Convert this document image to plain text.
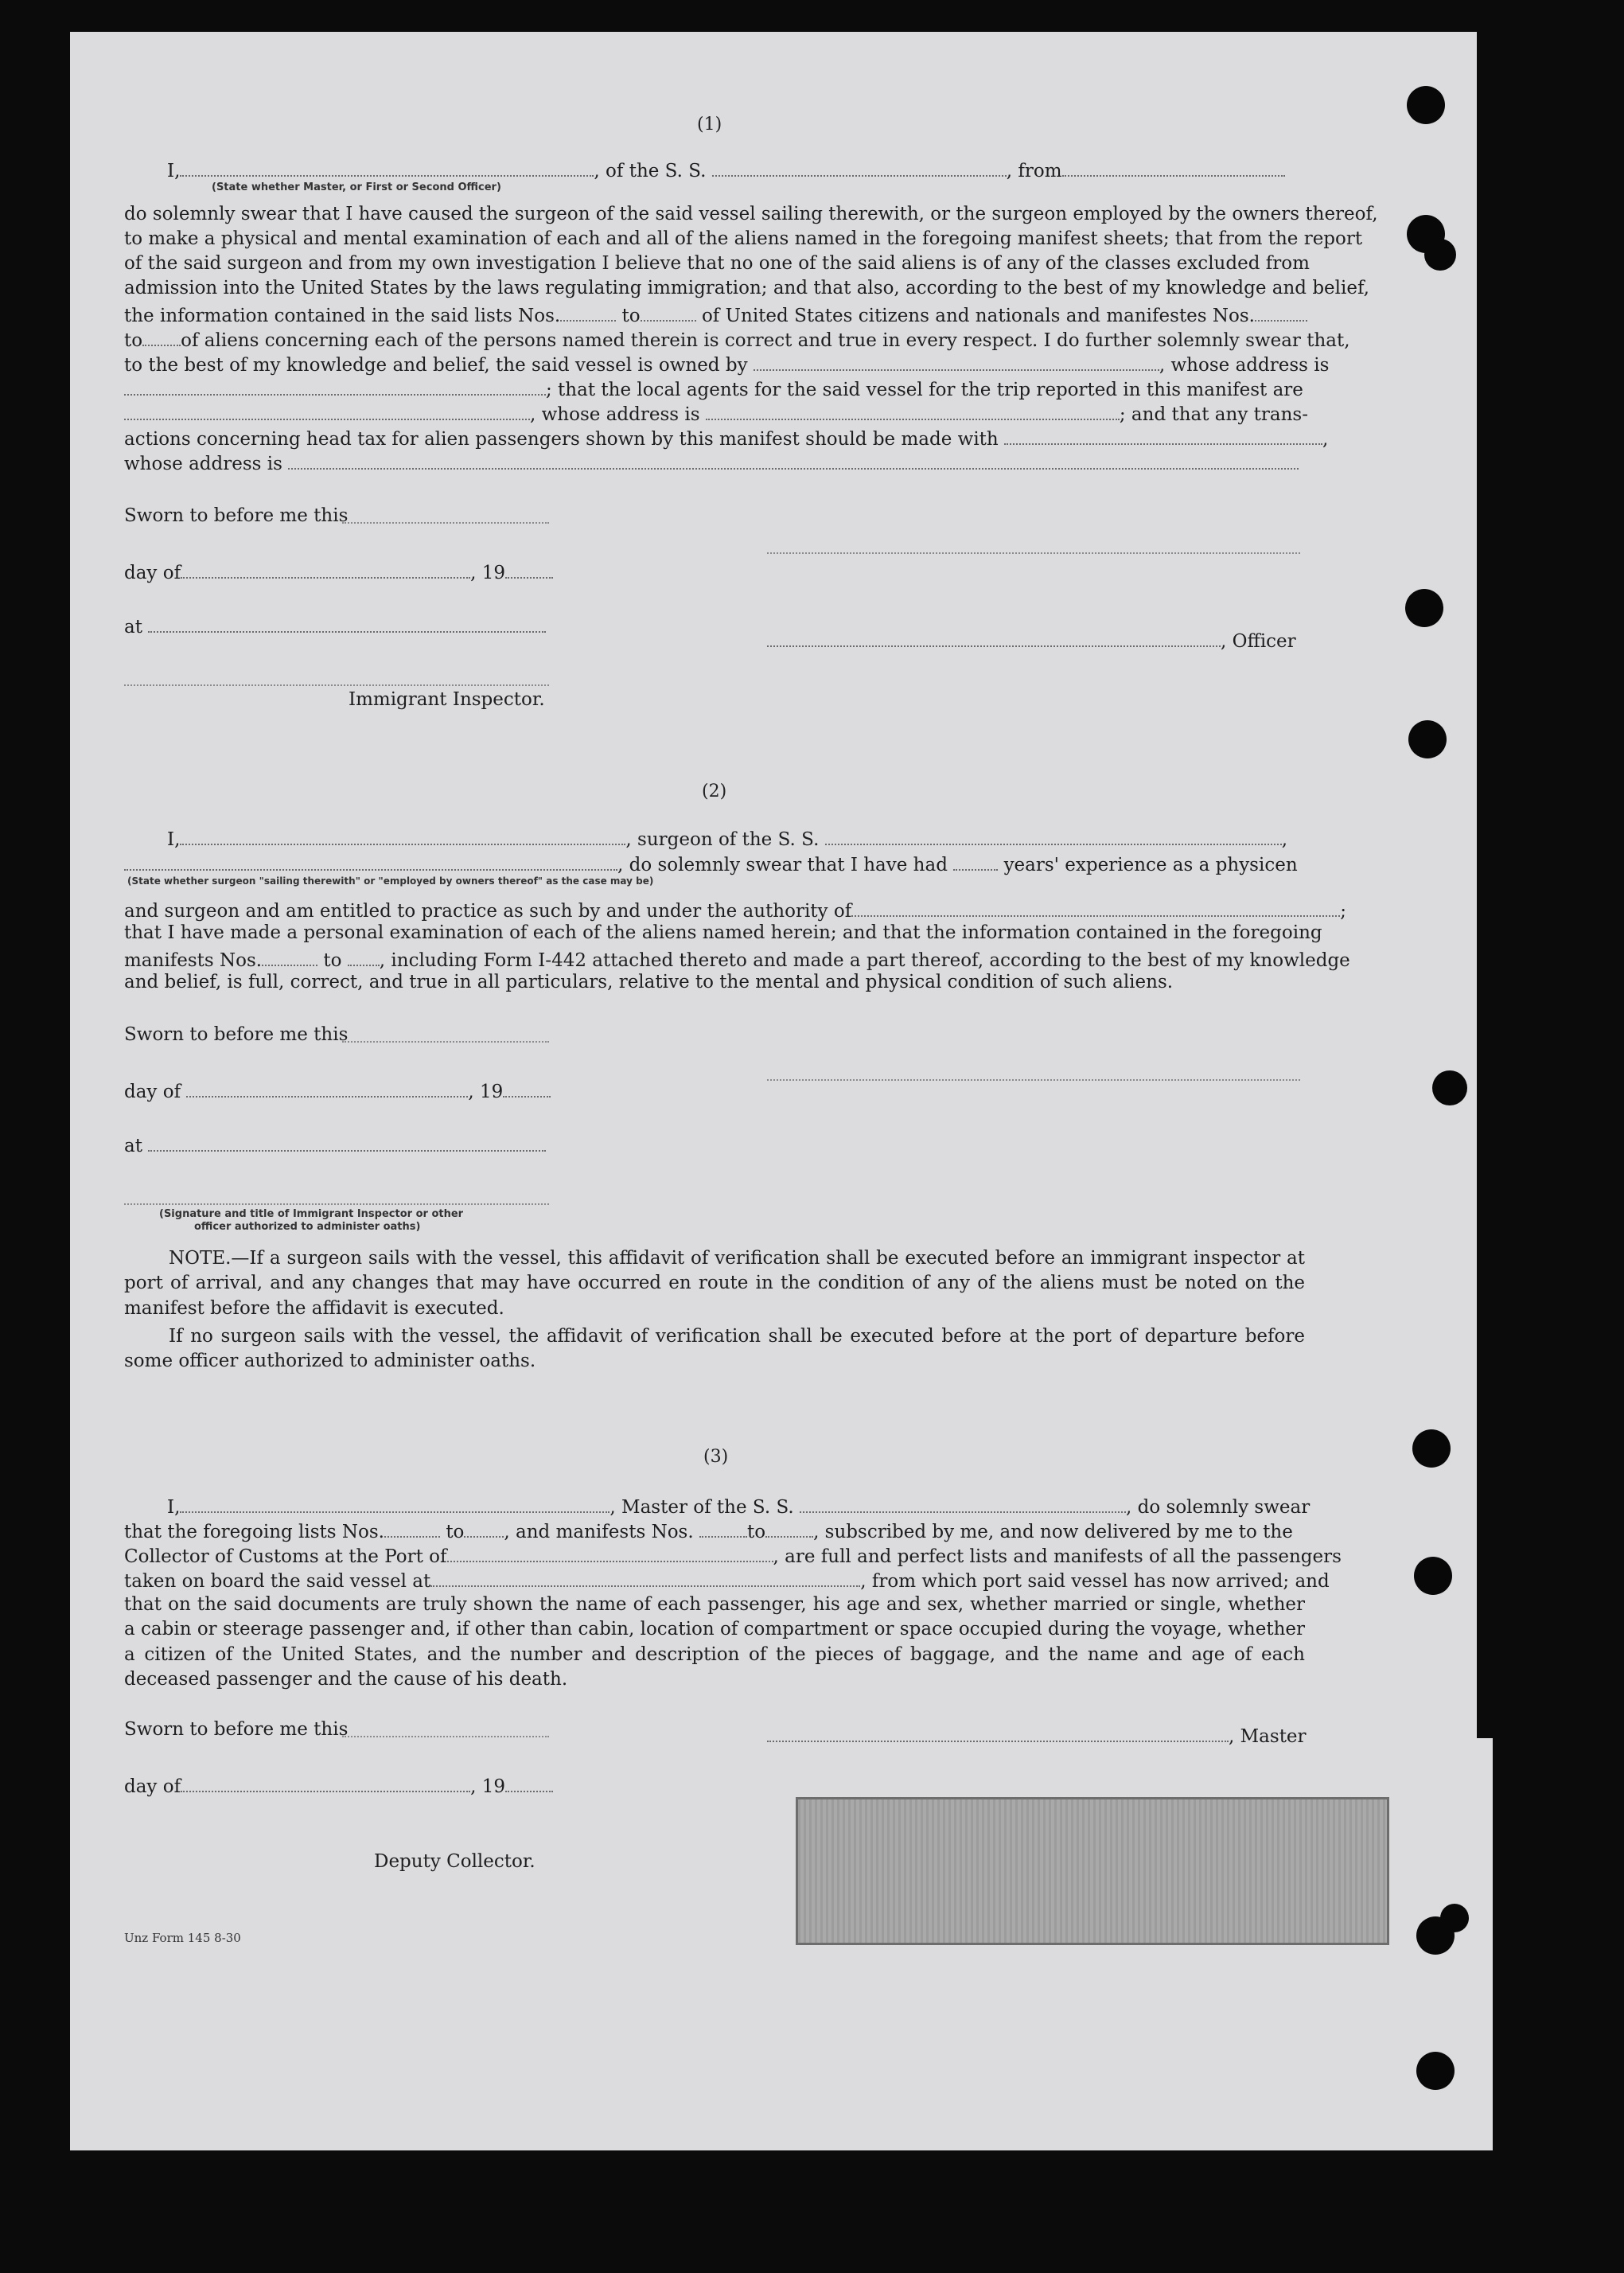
(1)
I,	, of the S. S.	, from
(State whether Master, or First or Second Officer)
do solemnly swear that I have caused the surgeon of the said vessel sailing therewith, or the surgeon employed by the owners thereof,
to make a physical and mental examination of each and all of the aliens named in the foregoing manifest sheets; that from the report
of the said surgeon and from my own investigation I believe that no one of the said aliens is of any of the classes excluded from
admission into the United States by the laws regulating immigration; and that also, according to the best of my knowledge and belief,
the information contained in the said lists Nos.	to	of United States citizens and nationals and manifestes Nos.
to of aliens concerning each of the persons named therein is correct and true in every respect. I do further solemnly swear that,
to the best of my knowledge and belief, the said vessel is owned by	, whose address is
; that the local agents for the said vessel for the trip reported in this manifest are
, whose address is	; and that any trans-
actions concerning head tax for alien passengers shown by this manifest should be made with	,
whose address is
Sworn to before me this
day of	, 19
at
, Officer
Immigrant Inspector.
(2)
I,	, surgeon of the S. S.	,
, do solemnly swear that I have had	years' experience as a physicen
(State whether surgeon "sailing therewith" or "employed by owners thereof" as the case may be)
and surgeon and am entitled to practice as such by and under the authority of	;
that I have made a personal examination of each of the aliens named herein; and that the information contained in the foregoing
manifests Nos.	to , including Form I-442 attached thereto and made a part thereof, according to the best of my knowledge
and belief, is full, correct, and true in all particulars, relative to the mental and physical condition of such aliens.
Sworn to before me this
day of	, 19
at
(Signature and title of Immigrant Inspector or other
officer authorized to administer oaths)
NOTE.—If a surgeon sails with the vessel, this affidavit of verification shall be executed before an immigrant inspector at port of arrival, and any changes that may have occurred en route in the condition of any of the aliens must be noted on the manifest before the affidavit is executed.
If no surgeon sails with the vessel, the affidavit of verification shall be executed before at the port of departure before some officer authorized to administer oaths.
(3)
I,	, Master of the S. S.	, do solemnly swear
that the foregoing lists Nos.	to , and manifests Nos.	to	, subscribed by me, and now delivered by me to the
Collector of Customs at the Port of	, are full and perfect lists and manifests of all the passengers
taken on board the said vessel at	, from which port said vessel has now arrived; and
that on the said documents are truly shown the name of each passenger, his age and sex, whether married or single, whether a cabin or steerage passenger and, if other than cabin, location of compartment or space occupied during the voyage, whether a citizen of the United States, and the number and description of the pieces of baggage, and the name and age of each deceased passenger and the cause of his death.
Sworn to before me this	, Master
day of	, 19
Deputy Collector.
Unz Form 145 8-30
